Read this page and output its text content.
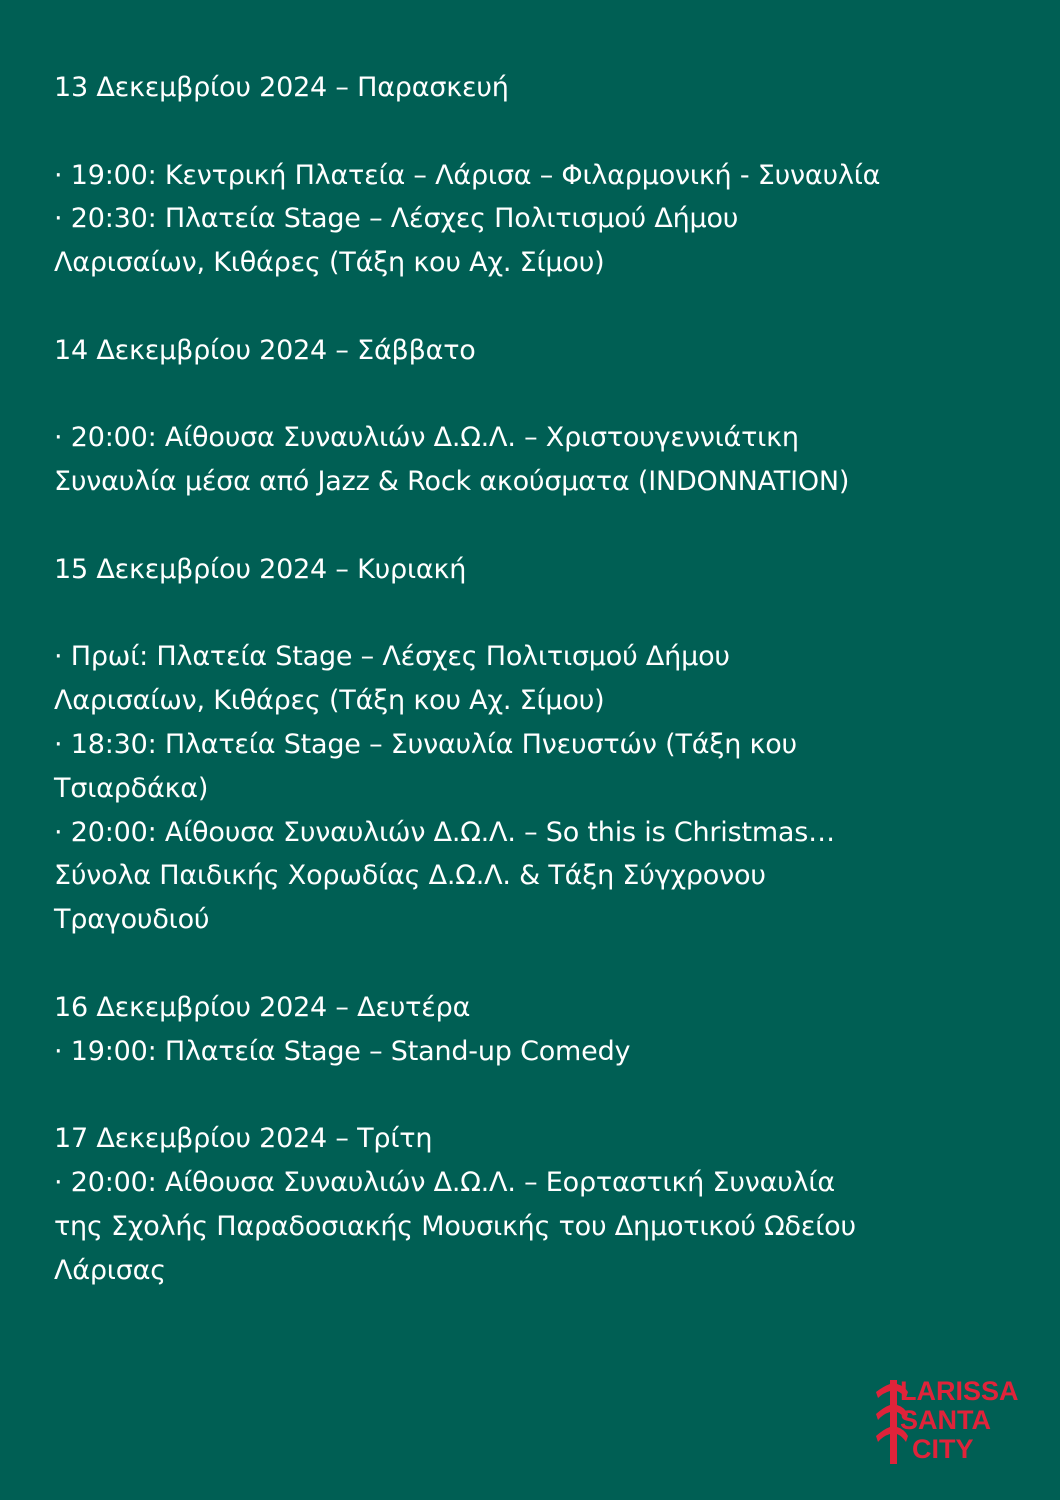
13 Δεκεμβρίου 2024 – Παρασκευή
· 19:00: Κεντρική Πλατεία – Λάρισα – Φιλαρμονική - Συναυλία
· 20:30: Πλατεία Stage – Λέσχες Πολιτισμού Δήμου
Λαρισαίων, Κιθάρες (Τάξη κου Αχ. Σίμου)
14 Δεκεμβρίου 2024 – Σάββατο
· 20:00: Αίθουσα Συναυλιών Δ.Ω.Λ. – Χριστουγεννιάτικη
Συναυλία μέσα από Jazz & Rock ακούσματα (INDONNATION)
15 Δεκεμβρίου 2024 – Κυριακή
· Πρωί: Πλατεία Stage – Λέσχες Πολιτισμού Δήμου
Λαρισαίων, Κιθάρες (Τάξη κου Αχ. Σίμου)
· 18:30: Πλατεία Stage – Συναυλία Πνευστών (Τάξη κου
Τσιαρδάκα)
· 20:00: Αίθουσα Συναυλιών Δ.Ω.Λ. – So this is Christmas…
Σύνολα Παιδικής Χορωδίας Δ.Ω.Λ. & Τάξη Σύγχρονου
Τραγουδιού
16 Δεκεμβρίου 2024 – Δευτέρα
· 19:00: Πλατεία Stage – Stand-up Comedy
17 Δεκεμβρίου 2024 – Τρίτη
· 20:00: Αίθουσα Συναυλιών Δ.Ω.Λ. – Εορταστική Συναυλία
της Σχολής Παραδοσιακής Μουσικής του Δημοτικού Ωδείου
Λάρισας
LARISSA
SANTA
CITY
